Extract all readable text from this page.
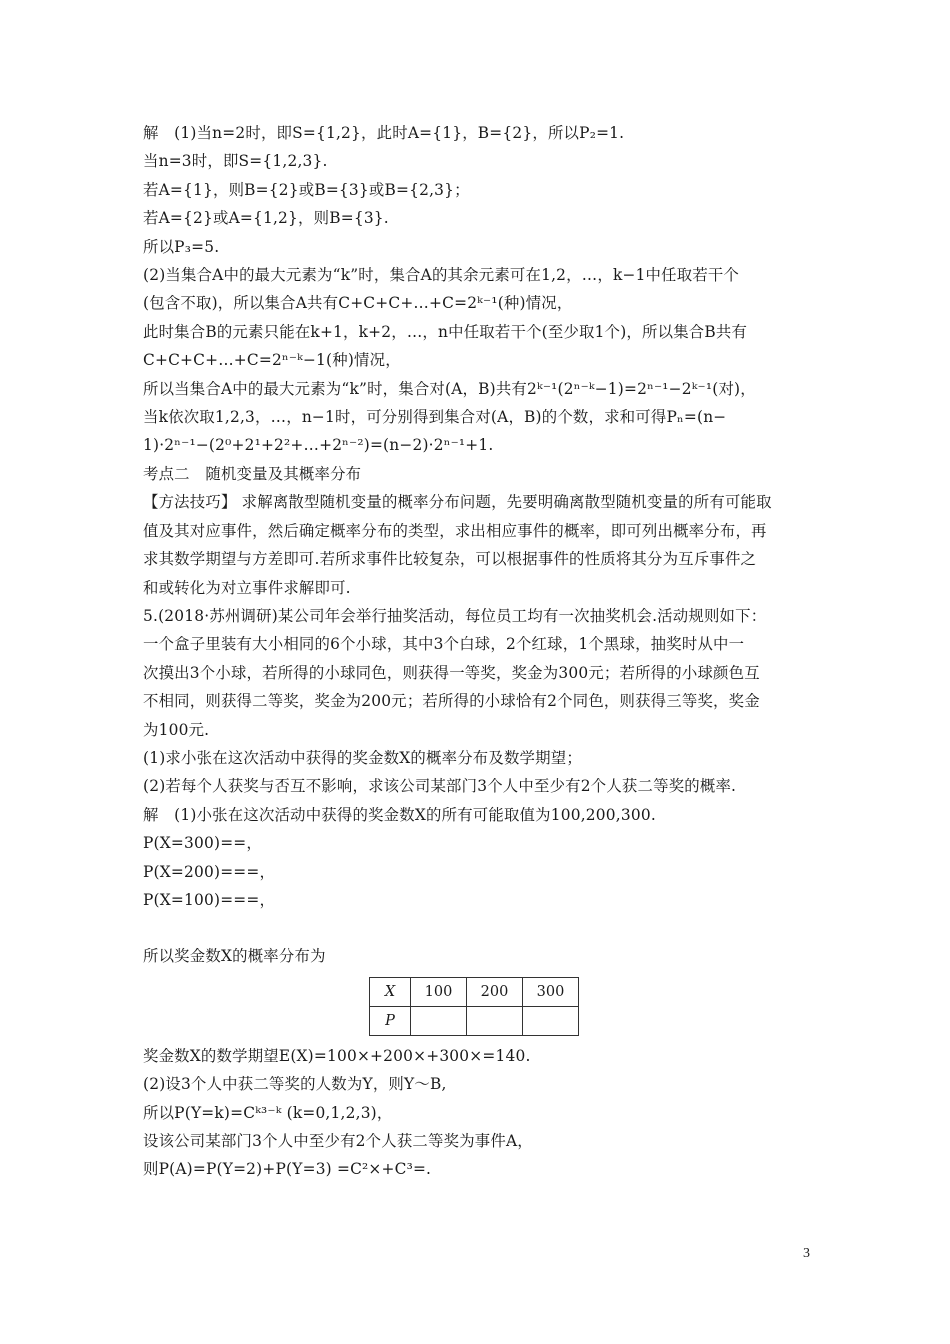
解　(1)当n=2时，即S={1,2}，此时A={1}，B={2}，所以P₂=1.
当n=3时，即S={1,2,3}.
若A={1}，则B={2}或B={3}或B={2,3}；
若A={2}或A={1,2}，则B={3}.
所以P₃=5.
(2)当集合A中的最大元素为“k”时，集合A的其余元素可在1,2，…，k−1中任取若干个
(包含不取)，所以集合A共有C+C+C+…+C=2ᵏ⁻¹(种)情况，
此时集合B的元素只能在k+1，k+2，…，n中任取若干个(至少取1个)，所以集合B共有
C+C+C+…+C=2ⁿ⁻ᵏ−1(种)情况，
所以当集合A中的最大元素为“k”时，集合对(A，B)共有2ᵏ⁻¹(2ⁿ⁻ᵏ−1)=2ⁿ⁻¹−2ᵏ⁻¹(对)，
当k依次取1,2,3，…，n−1时，可分别得到集合对(A，B)的个数，求和可得Pₙ=(n−
1)·2ⁿ⁻¹−(2⁰+2¹+2²+…+2ⁿ⁻²)=(n−2)·2ⁿ⁻¹+1.
考点二　随机变量及其概率分布
【方法技巧】 求解离散型随机变量的概率分布问题，先要明确离散型随机变量的所有可能取
值及其对应事件，然后确定概率分布的类型，求出相应事件的概率，即可列出概率分布，再
求其数学期望与方差即可.若所求事件比较复杂，可以根据事件的性质将其分为互斥事件之
和或转化为对立事件求解即可.
5.(2018·苏州调研)某公司年会举行抽奖活动，每位员工均有一次抽奖机会.活动规则如下：
一个盒子里装有大小相同的6个小球，其中3个白球，2个红球，1个黑球，抽奖时从中一
次摸出3个小球，若所得的小球同色，则获得一等奖，奖金为300元；若所得的小球颜色互
不相同，则获得二等奖，奖金为200元；若所得的小球恰有2个同色，则获得三等奖，奖金
为100元.
(1)求小张在这次活动中获得的奖金数X的概率分布及数学期望；
(2)若每个人获奖与否互不影响，求该公司某部门3个人中至少有2个人获二等奖的概率.
解　(1)小张在这次活动中获得的奖金数X的所有可能取值为100,200,300.
P(X=300)==，
P(X=200)===，
P(X=100)===，
所以奖金数X的概率分布为
X	100	200	300
P			
奖金数X的数学期望E(X)=100×+200×+300×=140.
(2)设3个人中获二等奖的人数为Y，则Y～B,
所以P(Y=k)=Cᵏ³⁻ᵏ (k=0,1,2,3)，
设该公司某部门3个人中至少有2个人获二等奖为事件A，
则P(A)=P(Y=2)+P(Y=3) =C²×+C³=.
3
